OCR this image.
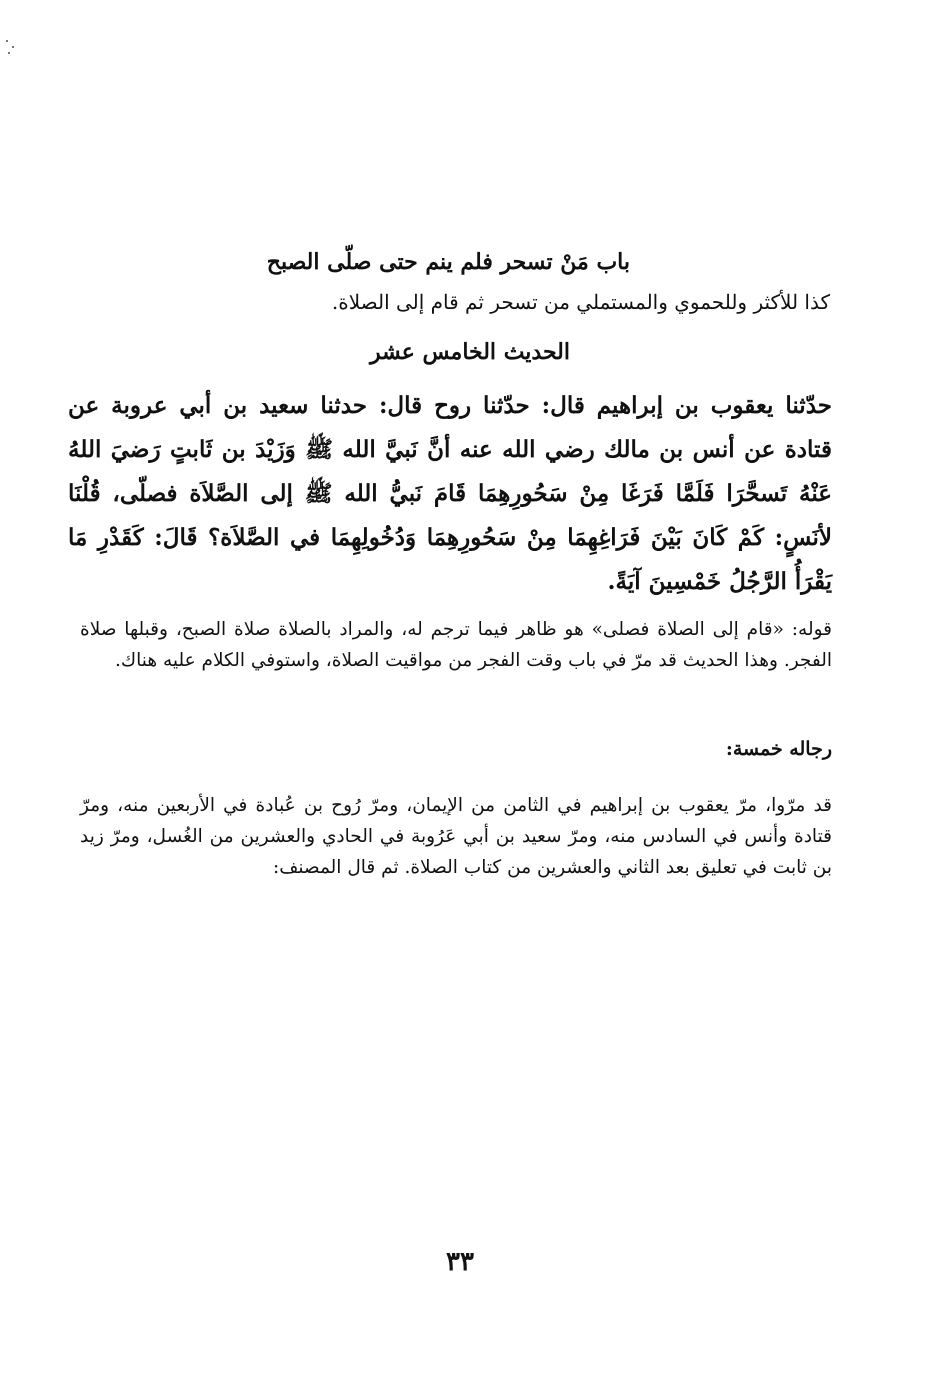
باب مَنْ تسحر فلم ينم حتى صلّى الصبح
كذا للأكثر وللحموي والمستملي من تسحر ثم قام إلى الصلاة.
الحديث الخامس عشر
حدّثنا يعقوب بن إبراهيم قال: حدّثنا روح قال: حدثنا سعيد بن أبي عروبة عن قتادة عن أنس بن مالك رضي الله عنه أنَّ نَبيَّ الله ﷺ وَزَيْدَ بن ثَابتٍ رَضيَ اللهُ عَنْهُ تَسحَّرَا فَلَمَّا فَرَغَا مِنْ سَحُورِهِمَا قَامَ نَبيُّ الله ﷺ إلى الصَّلاَة فصلّى، قُلْنَا لأنَسٍ: كَمْ كَانَ بَيْنَ فَرَاغِهِمَا مِنْ سَحُورِهِمَا وَدُخُولِهِمَا في الصَّلاَة؟ قَالَ: كَقَدْرِ مَا يَقْرَأُ الرَّجُلُ خَمْسِينَ آيَةً.
قوله: «قام إلى الصلاة فصلى» هو ظاهر فيما ترجم له، والمراد بالصلاة صلاة الصبح، وقبلها صلاة الفجر. وهذا الحديث قد مرّ في باب وقت الفجر من مواقيت الصلاة، واستوفي الكلام عليه هناك.
رجاله خمسة:
قد مرّوا، مرّ يعقوب بن إبراهيم في الثامن من الإيمان، ومرّ رُوح بن عُبادة في الأربعين منه، ومرّ قتادة وأنس في السادس منه، ومرّ سعيد بن أبي عَرُوبة في الحادي والعشرين من الغُسل، ومرّ زيد بن ثابت في تعليق بعد الثاني والعشرين من كتاب الصلاة. ثم قال المصنف:
٣٣
